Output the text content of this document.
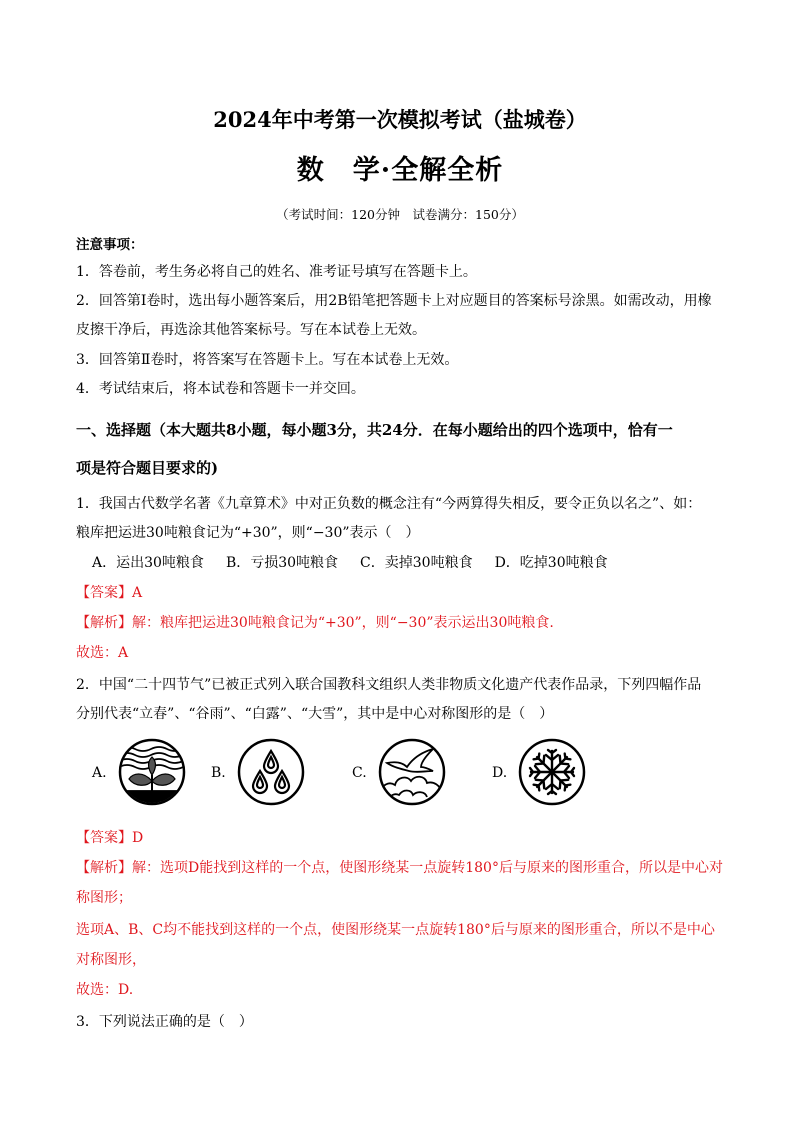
2024年中考第一次模拟考试（盐城卷）
数　学·全解全析
（考试时间：120分钟　试卷满分：150分）
注意事项：
1．答卷前，考生务必将自己的姓名、准考证号填写在答题卡上。
2．回答第Ⅰ卷时，选出每小题答案后，用2B铅笔把答题卡上对应题目的答案标号涂黑。如需改动，用橡
皮擦干净后，再选涂其他答案标号。写在本试卷上无效。
3．回答第Ⅱ卷时，将答案写在答题卡上。写在本试卷上无效。
4．考试结束后，将本试卷和答题卡一并交回。
一、选择题（本大题共8小题，每小题3分，共24分．在每小题给出的四个选项中，恰有一
项是符合题目要求的)
1．我国古代数学名著《九章算术》中对正负数的概念注有“今两算得失相反，要令正负以名之”、如：
粮库把运进30吨粮食记为“+30”，则“−30”表示（　）
A．运出30吨粮食 B．亏损30吨粮食 C．卖掉30吨粮食 D．吃掉30吨粮食
【答案】A
【解析】解：粮库把运进30吨粮食记为“+30”，则“−30”表示运出30吨粮食.
故选：A
2．中国“二十四节气”已被正式列入联合国教科文组织人类非物质文化遗产代表作品录，下列四幅作品
分别代表“立春”、“谷雨”、“白露”、“大雪”，其中是中心对称图形的是（　）
A.	B.	C.	D.
【答案】D
【解析】解：选项D能找到这样的一个点，使图形绕某一点旋转180°后与原来的图形重合，所以是中心对
称图形；
选项A、B、C均不能找到这样的一个点，使图形绕某一点旋转180°后与原来的图形重合，所以不是中心
对称图形，
故选：D.
3．下列说法正确的是（　）
